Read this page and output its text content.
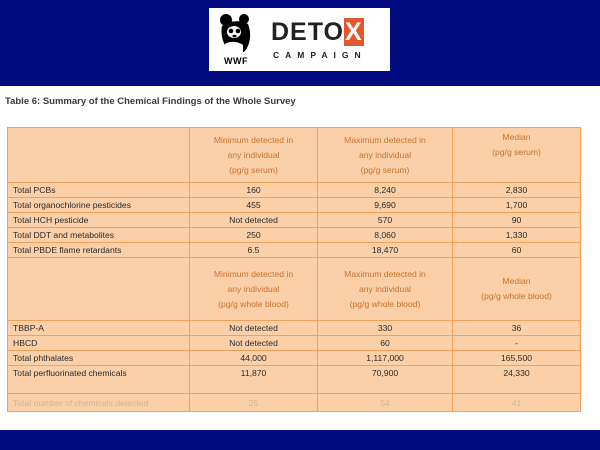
WWF
DETOX
CAMPAIGN
Table 6: Summary of the Chemical Findings of the Whole Survey
	Minimum detected in
any individual
(pg/g serum)	Maximum detected in
any individual
(pg/g serum)	Median
(pg/g serum)
Total PCBs	160	8,240	2,830
Total organochlorine pesticides	455	9,690	1,700
Total HCH pesticide	Not detected	570	90
Total DDT and metabolites	250	8,060	1,330
Total PBDE flame retardants	6.5	18,470	60
	Minimum detected in
any individual
(pg/g whole blood)	Maximum detected in
any individual
(pg/g whole blood)	Median
(pg/g whole blood)
TBBP-A	Not detected	330	36
HBCD	Not detected	60	-
Total phthalates	44,000	1,117,000	165,500
Total perfluorinated chemicals	11,870	70,900	24,330
Total number of chemicals detected	25	54	41
